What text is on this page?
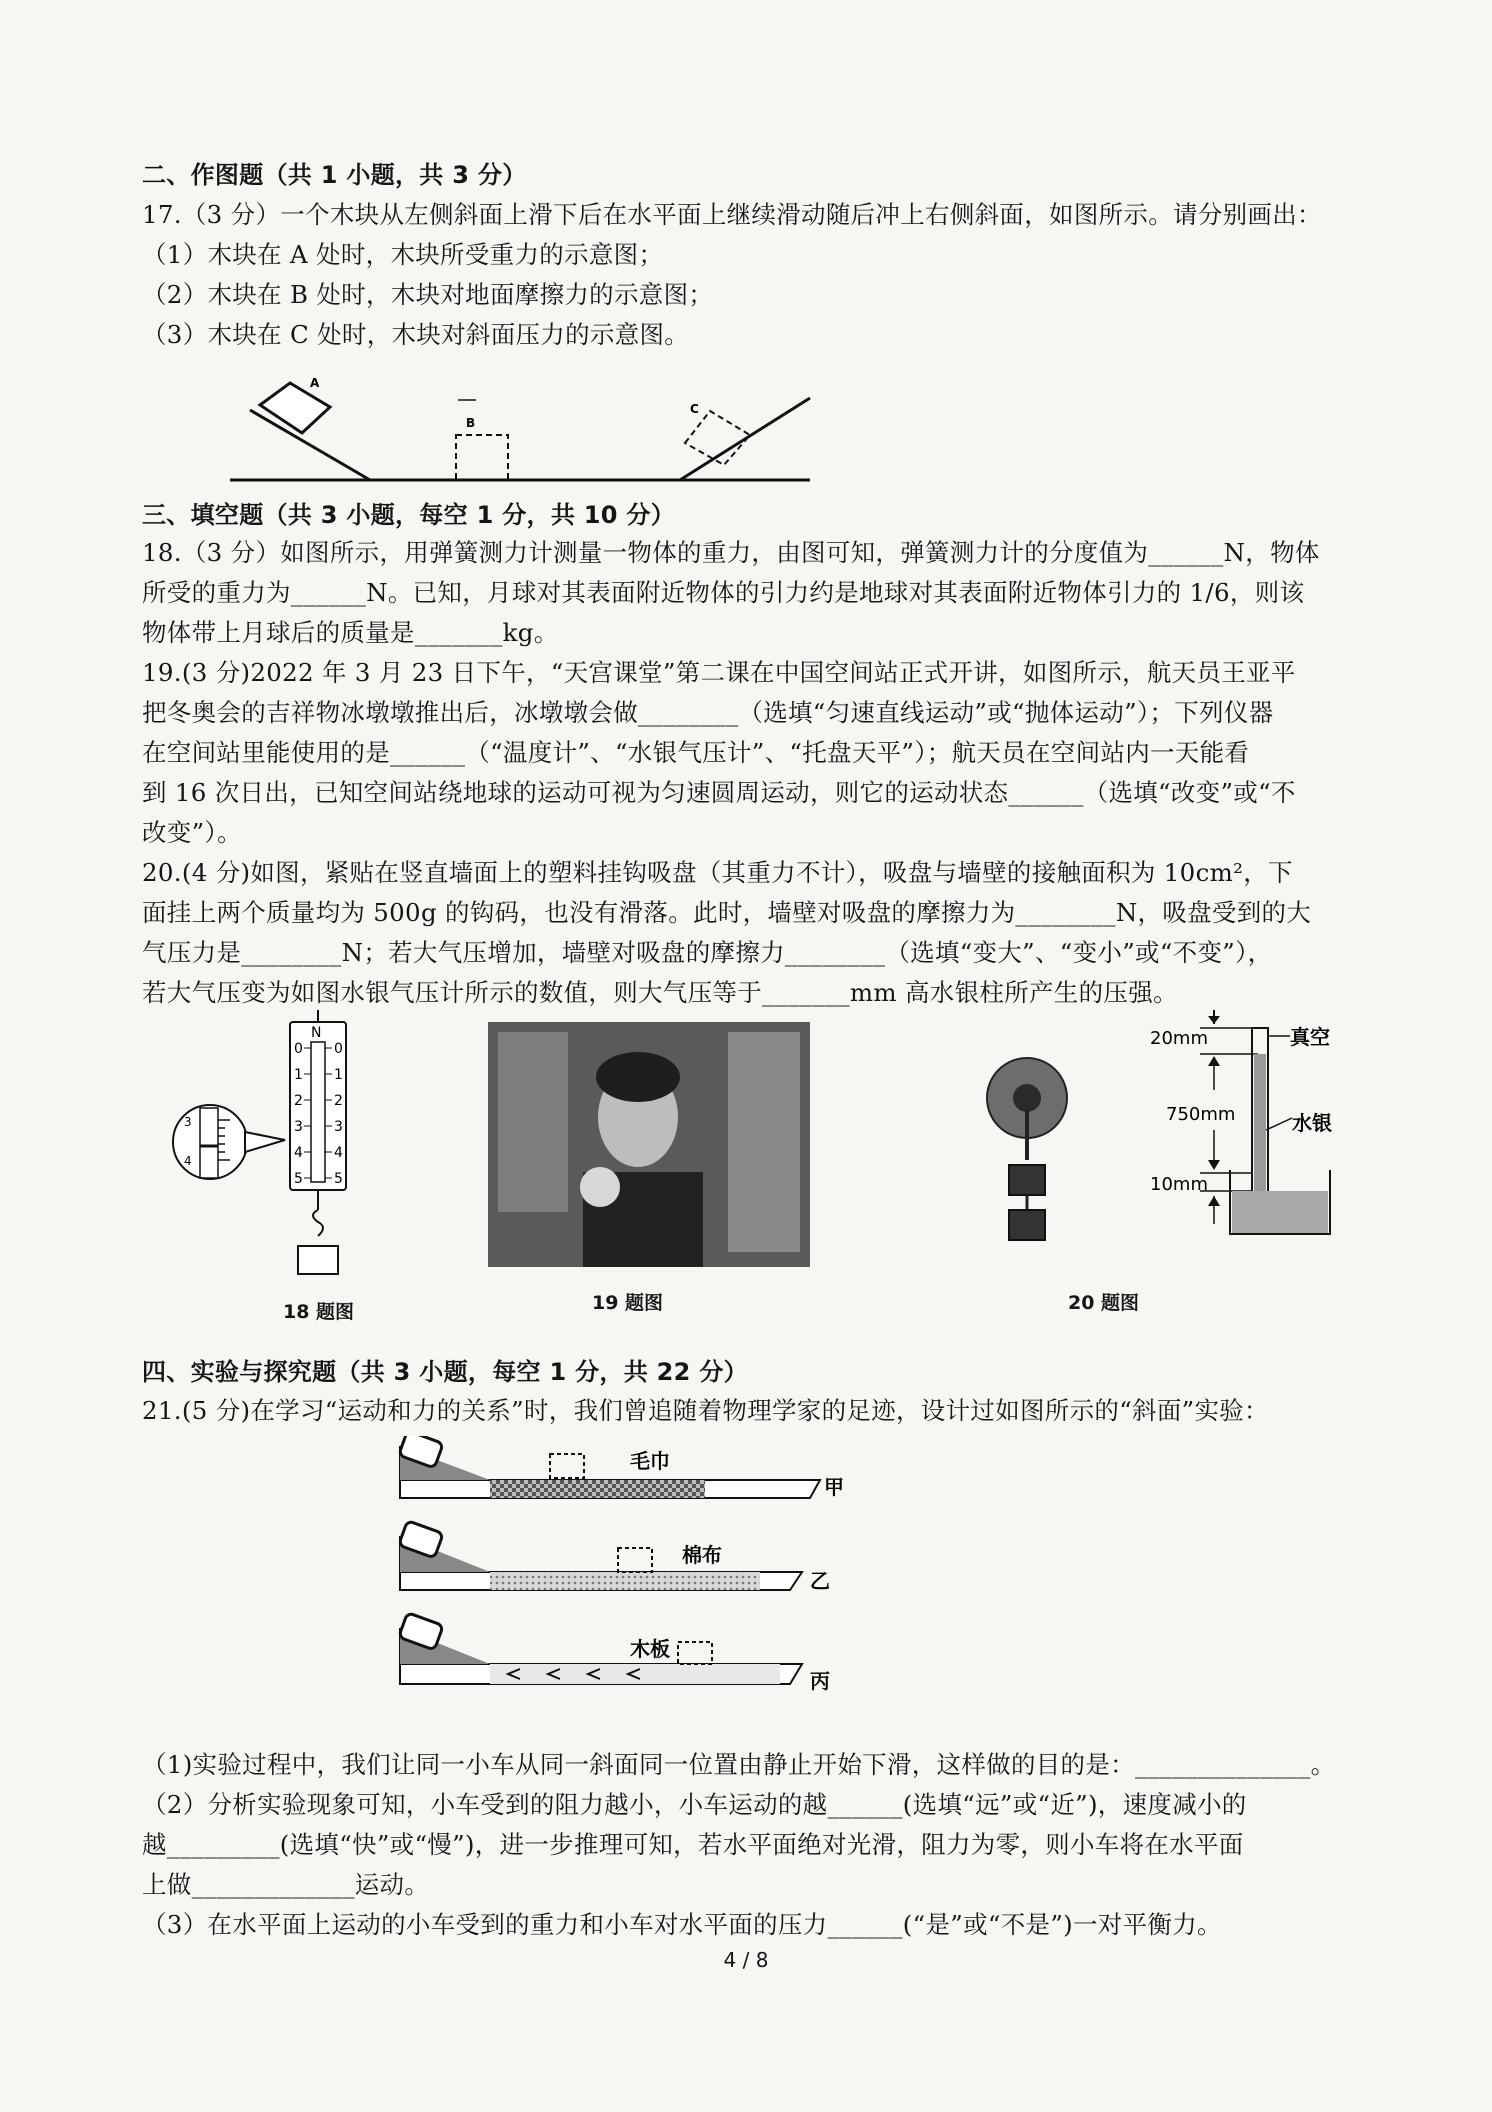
二、作图题（共 1 小题，共 3 分）
17.（3 分）一个木块从左侧斜面上滑下后在水平面上继续滑动随后冲上右侧斜面，如图所示。请分别画出：
（1）木块在 A 处时，木块所受重力的示意图；
（2）木块在 B 处时，木块对地面摩擦力的示意图；
（3）木块在 C 处时，木块对斜面压力的示意图。
A
B
C
三、填空题（共 3 小题，每空 1 分，共 10 分）
18.（3 分）如图所示，用弹簧测力计测量一物体的重力，由图可知，弹簧测力计的分度值为______N，物体
所受的重力为______N。已知，月球对其表面附近物体的引力约是地球对其表面附近物体引力的 1/6，则该
物体带上月球后的质量是_______kg。
19.(3 分)2022 年 3 月 23 日下午，“天宫课堂”第二课在中国空间站正式开讲，如图所示，航天员王亚平
把冬奥会的吉祥物冰墩墩推出后，冰墩墩会做________（选填“匀速直线运动”或“抛体运动”）；下列仪器
在空间站里能使用的是______（“温度计”、“水银气压计”、“托盘天平”）；航天员在空间站内一天能看
到 16 次日出，已知空间站绕地球的运动可视为匀速圆周运动，则它的运动状态______（选填“改变”或“不
改变”）。
20.(4 分)如图，紧贴在竖直墙面上的塑料挂钩吸盘（其重力不计），吸盘与墙壁的接触面积为 10cm²，下
面挂上两个质量均为 500g 的钩码，也没有滑落。此时，墙壁对吸盘的摩擦力为________N，吸盘受到的大
气压力是________N；若大气压增加，墙壁对吸盘的摩擦力________（选填“变大”、“变小”或“不变”），
若大气压变为如图水银气压计所示的数值，则大气压等于_______mm 高水银柱所产生的压强。
3
4
N
0
1
2
3
4
5
0
1
2
3
4
5
18 题图	19 题图
20mm
750mm
10mm
真空
水银
20 题图
四、实验与探究题（共 3 小题，每空 1 分，共 22 分）
21.(5 分)在学习“运动和力的关系”时，我们曾追随着物理学家的足迹，设计过如图所示的“斜面”实验：
毛巾
甲
棉布
乙
木板
丙
（1)实验过程中，我们让同一小车从同一斜面同一位置由静止开始下滑，这样做的目的是：______________。
（2）分析实验现象可知，小车受到的阻力越小，小车运动的越______(选填“远”或“近”)，速度减小的
越_________(选填“快”或“慢”)，进一步推理可知，若水平面绝对光滑，阻力为零，则小车将在水平面
上做_____________运动。
（3）在水平面上运动的小车受到的重力和小车对水平面的压力______(“是”或“不是”)一对平衡力。
4 / 8
